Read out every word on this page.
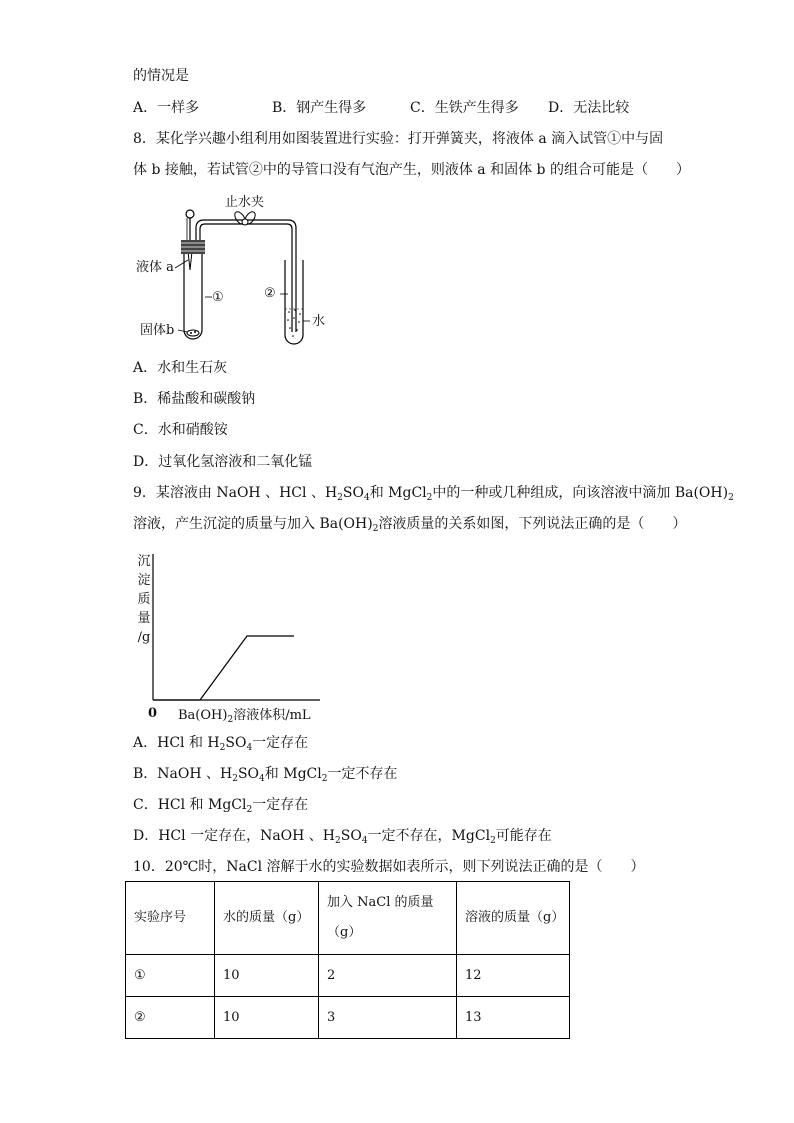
的情况是
A．一样多	B．钢产生得多	C．生铁产生得多 D．无法比较
8．某化学兴趣小组利用如图装置进行实验：打开弹簧夹，将液体 a 滴入试管①中与固
体 b 接触，若试管②中的导管口没有气泡产生，则液体 a 和固体 b 的组合可能是（　　）
止水夹
液体 a
①
固体b
②
水
A．水和生石灰
B．稀盐酸和碳酸钠
C．水和硝酸铵
D．过氧化氢溶液和二氧化锰
9．某溶液由 NaOH 、HCl 、$H_2SO_4$和 MgCl$_2$中的一种或几种组成，向该溶液中滴加 $Ba(OH)_2$
溶液，产生沉淀的质量与加入 $Ba(OH)_2$溶液质量的关系如图，下列说法正确的是（　　）
沉
淀
质
量
/g
0 $Ba(OH)_2$溶液体积/mL
A．HCl 和 $H_2SO_4$一定存在
B．NaOH 、$H_2SO_4$和 MgCl$_2$一定不存在
C．HCl 和 MgCl$_2$一定存在
D．HCl 一定存在，NaOH 、$H_2SO_4$一定不存在，MgCl$_2$可能存在
10．20℃时，NaCl 溶解于水的实验数据如表所示，则下列说法正确的是（　　）
实验序号	水的质量（g）	加入 NaCl 的质量（g）	溶液的质量（g）
①	10	2	12
②	10	3	13
